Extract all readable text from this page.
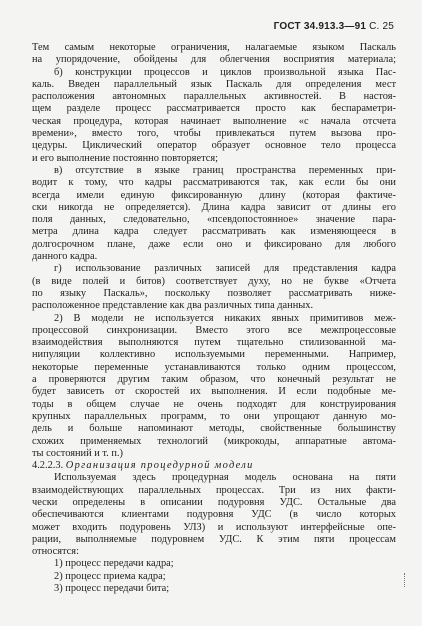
ГОСТ 34.913.3—91 С. 25
Тем самым некоторые ограничения, налагаемые языком Паскаль
на упорядочение, обойдены для облегчения восприятия материала;
б) конструкции процессов и циклов произвольной языка Пас-
каль. Введен параллельный язык Паскаль для определения мест
расположения автономных параллельных активностей. В настоя-
щем разделе процесс рассматривается просто как беспараметри-
ческая процедура, которая начинает выполнение «с начала отсчета
времени», вместо того, чтобы привлекаться путем вызова про-
цедуры. Циклический оператор образует основное тело процесса
и его выполнение постоянно повторяется;
в) отсутствие в языке границ пространства переменных при-
водит к тому, что кадры рассматриваются так, как если бы они
всегда имели единую фиксированную длину (которая фактиче-
ски никогда не определяется). Длина кадра зависит от длины его
поля данных, следовательно, «псевдопостоянное» значение пара-
метра длина кадра следует рассматривать как изменяющееся в
долгосрочном плане, даже если оно и фиксировано для любого
данного кадра.
г) использование различных записей для представления кадра
(в виде полей и битов) соответствует духу, но не букве «Отчета
по языку Паскаль», поскольку позволяет рассматривать ниже-
расположенное представление как два различных типа данных.
2) В модели не используется никаких явных примитивов меж-
процессовой синхронизации. Вместо этого все межпроцессовые
взаимодействия выполняются путем тщательно стилизованной ма-
нипуляции коллективно используемыми переменными. Например,
некоторые переменные устанавливаются только одним процессом,
а проверяются другим таким образом, что конечный результат не
будет зависеть от скоростей их выполнения. И если подобные ме-
тоды в общем случае не очень подходят для конструирования
крупных параллельных программ, то они упрощают данную мо-
дель и больше напоминают методы, свойственные большинству
схожих применяемых технологий (микрокоды, аппаратные автома-
ты состояний и т. п.)
4.2.2.3. Организация процедурной модели
Используемая здесь процедурная модель основана на пяти
взаимодействующих параллельных процессах. Три из них факти-
чески определены в описании подуровня УДС. Остальные два
обеспечиваются клиентами подуровня УДС (в число которых
может входить подуровень УЛЗ) и используют интерфейсные опе-
рации, выполняемые подуровнем УДС. К этим пяти процессам
относятся:
1) процесс передачи кадра;
2) процесс приема кадра;
3) процесс передачи бита;
